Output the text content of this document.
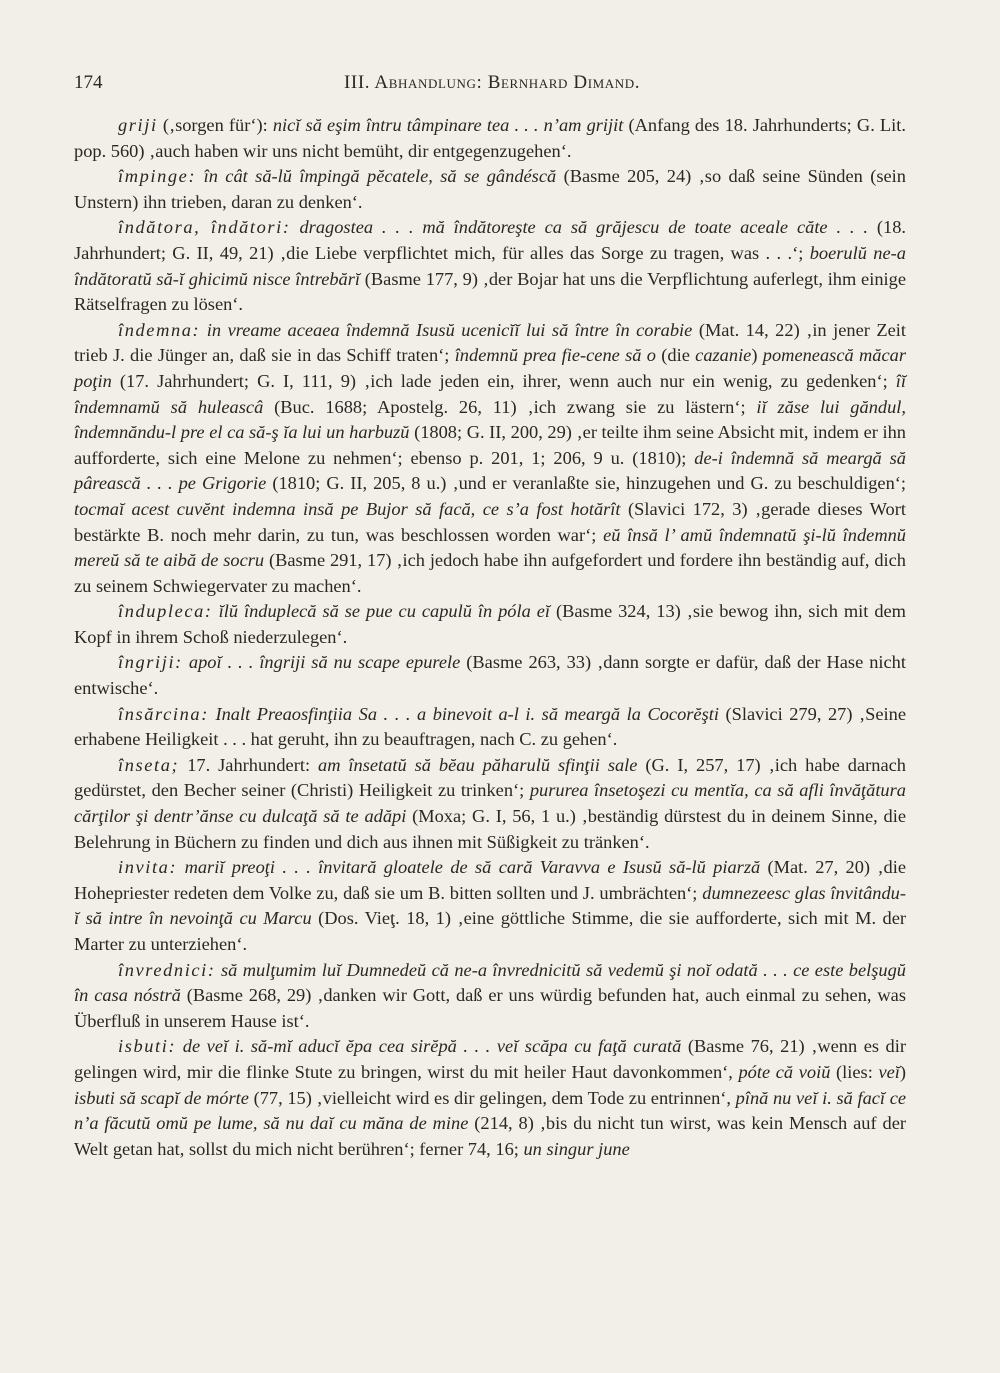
174	III. Abhandlung: Bernhard Dimand.

griji (‚sorgen für‘): nicĭ să eşim întru tâmpinare tea . . . n’am grijit (Anfang des 18. Jahrhunderts; G. Lit. pop. 560) ‚auch haben wir uns nicht bemüht, dir entgegenzugehen‘.

împinge: în cât să-lŭ împingă pĕcatele, să se gândéscă (Basme 205, 24) ‚so daß seine Sünden (sein Unstern) ihn trieben, daran zu denken‘.

îndătora, îndători: dragostea . . . mă îndătoreşte ca să grăjescu de toate aceale căte . . . (18. Jahrhundert; G. II, 49, 21) ‚die Liebe verpflichtet mich, für alles das Sorge zu tragen, was . . .‘; boerulŭ ne-a îndătoratŭ să-ĭ ghicimŭ nisce întrebărĭ (Basme 177, 9) ‚der Bojar hat uns die Verpflichtung auferlegt, ihm einige Rätselfragen zu lösen‘.

îndemna: in vreame aceaea îndemnă Isusŭ ucenicĭĭ lui să între în corabie (Mat. 14, 22) ‚in jener Zeit trieb J. die Jünger an, daß sie in das Schiff traten‘; îndemnŭ prea fie-cene să o (die cazanie) pomenească măcar poţin (17. Jahrhundert; G. I, 111, 9) ‚ich lade jeden ein, ihrer, wenn auch nur ein wenig, zu gedenken‘; îĭ îndemnamŭ să huleascâ (Buc. 1688; Apostelg. 26, 11) ‚ich zwang sie zu lästern‘; iĭ zăse lui găndul, îndemnăndu-l pre el ca să-ş ĭa lui un harbuzŭ (1808; G. II, 200, 29) ‚er teilte ihm seine Absicht mit, indem er ihn aufforderte, sich eine Melone zu nehmen‘; ebenso p. 201, 1; 206, 9 u. (1810); de-i îndemnă să meargă să pârească . . . pe Grigorie (1810; G. II, 205, 8 u.) ‚und er veranlaßte sie, hinzugehen und G. zu beschuldigen‘; tocmaĭ acest cuvĕnt indemna insă pe Bujor să facă, ce s’a fost hotărît (Slavici 172, 3) ‚gerade dieses Wort bestärkte B. noch mehr darin, zu tun, was beschlossen worden war‘; eŭ însă l’ amŭ îndemnatŭ şi-lŭ îndemnŭ mereŭ să te aibă de socru (Basme 291, 17) ‚ich jedoch habe ihn aufgefordert und fordere ihn beständig auf, dich zu seinem Schwiegervater zu machen‘.

îndupleca: ĭlŭ înduplecă să se pue cu capulŭ în póla eĭ (Basme 324, 13) ‚sie bewog ihn, sich mit dem Kopf in ihrem Schoß niederzulegen‘.

îngriji: apoĭ . . . îngriji să nu scape epurele (Basme 263, 33) ‚dann sorgte er dafür, daß der Hase nicht entwische‘.

însărcina: Inalt Preaosfinţiia Sa . . . a binevoit a-l i. să meargă la Cocorĕşti (Slavici 279, 27) ‚Seine erhabene Heiligkeit . . . hat geruht, ihn zu beauftragen, nach C. zu gehen‘.

înseta; 17. Jahrhundert: am însetatŭ să bĕau păharulŭ sfinţii sale (G. I, 257, 17) ‚ich habe darnach gedürstet, den Becher seiner (Christi) Heiligkeit zu trinken‘; pururea însetoşezi cu mentĭa, ca să afli învăţătura cărţilor şi dentr’ănse cu dulcaţă să te adăpi (Moxa; G. I, 56, 1 u.) ‚beständig dürstest du in deinem Sinne, die Belehrung in Büchern zu finden und dich aus ihnen mit Süßigkeit zu tränken‘.

invita: mariĭ preoţi . . . învitară gloatele de să cară Varavva e Isusŭ să-lŭ piarză (Mat. 27, 20) ‚die Hohepriester redeten dem Volke zu, daß sie um B. bitten sollten und J. umbrächten‘; dumnezeesc glas învitându-ĭ să intre în nevoinţă cu Marcu (Dos. Vieţ. 18, 1) ‚eine göttliche Stimme, die sie aufforderte, sich mit M. der Marter zu unterziehen‘.

învrednici: să mulţumim luĭ Dumnedeŭ că ne-a învrednicitŭ să vedemŭ şi noĭ odată . . . ce este belşugŭ în casa nóstră (Basme 268, 29) ‚danken wir Gott, daß er uns würdig befunden hat, auch einmal zu sehen, was Überfluß in unserem Hause ist‘.

isbuti: de veĭ i. să-mĭ aducĭ ĕpa cea sirĕpă . . . veĭ scăpa cu faţă curată (Basme 76, 21) ‚wenn es dir gelingen wird, mir die flinke Stute zu bringen, wirst du mit heiler Haut davonkommen‘, póte că voiŭ (lies: veĭ) isbuti să scapĭ de mórte (77, 15) ‚vielleicht wird es dir gelingen, dem Tode zu entrinnen‘, pînă nu veĭ i. să facĭ ce n’a făcutŭ omŭ pe lume, să nu daĭ cu măna de mine (214, 8) ‚bis du nicht tun wirst, was kein Mensch auf der Welt getan hat, sollst du mich nicht berühren‘; ferner 74, 16; un singur june
